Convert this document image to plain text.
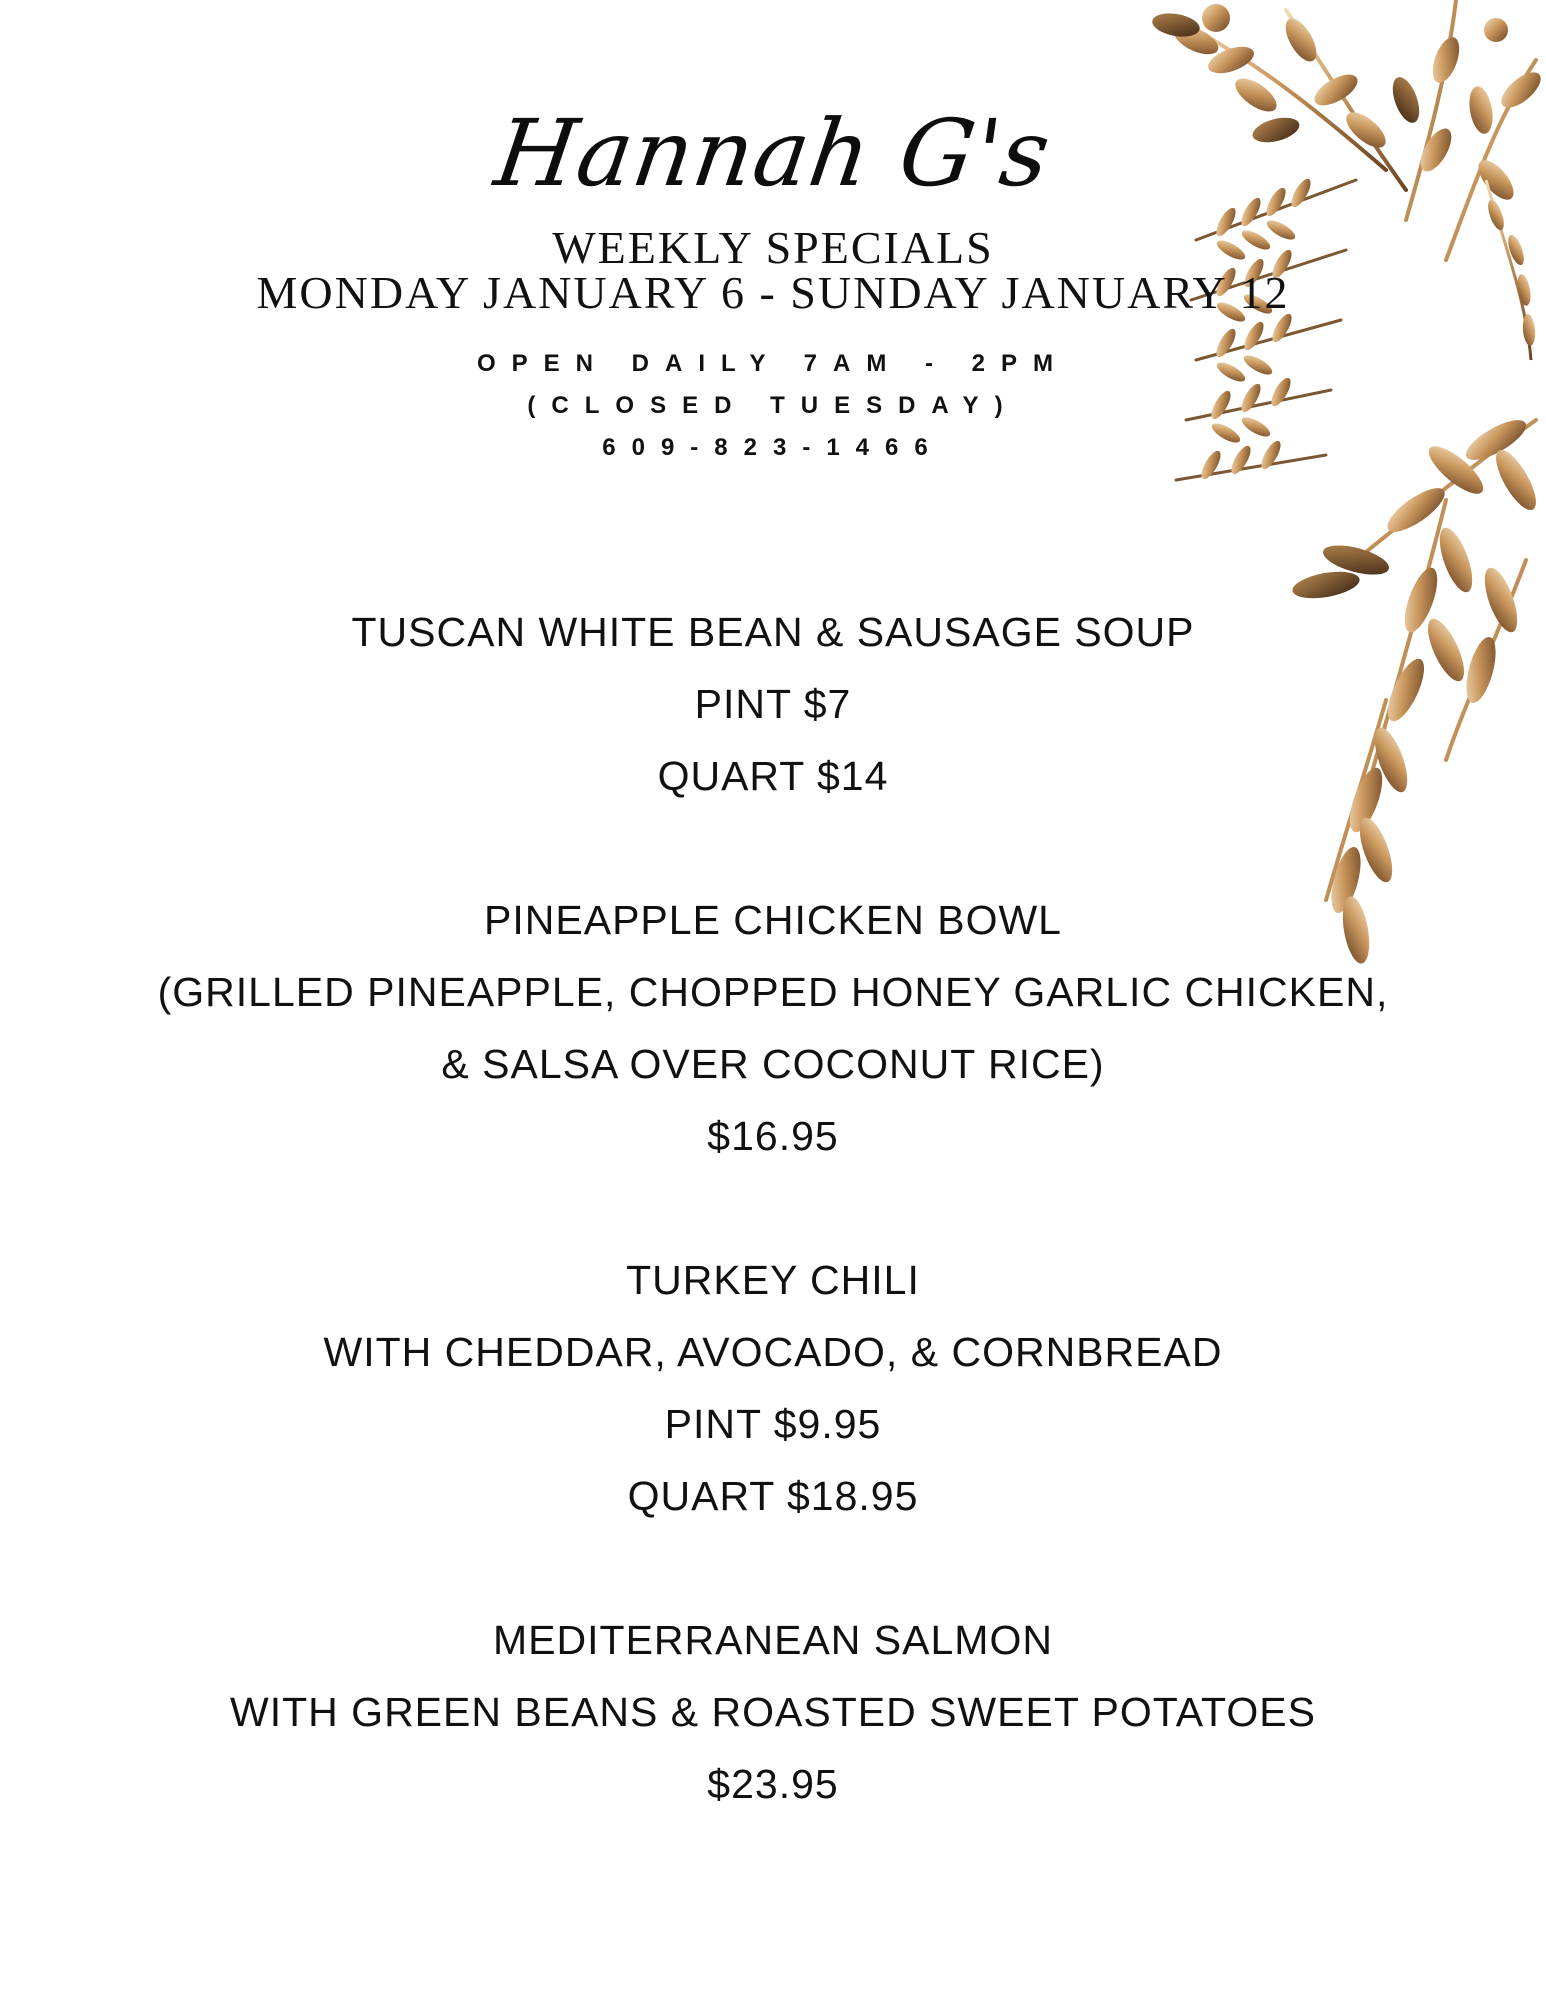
Hannah G's
WEEKLY SPECIALS
MONDAY JANUARY 6 - SUNDAY JANUARY 12
OPEN DAILY 7AM - 2PM
(CLOSED TUESDAY)
609-823-1466
TUSCAN WHITE BEAN & SAUSAGE SOUP
PINT $7
QUART $14
PINEAPPLE CHICKEN BOWL
(GRILLED PINEAPPLE, CHOPPED HONEY GARLIC CHICKEN,
& SALSA OVER COCONUT RICE)
$16.95
TURKEY CHILI
WITH CHEDDAR, AVOCADO, & CORNBREAD
PINT $9.95
QUART $18.95
MEDITERRANEAN SALMON
WITH GREEN BEANS & ROASTED SWEET POTATOES
$23.95
